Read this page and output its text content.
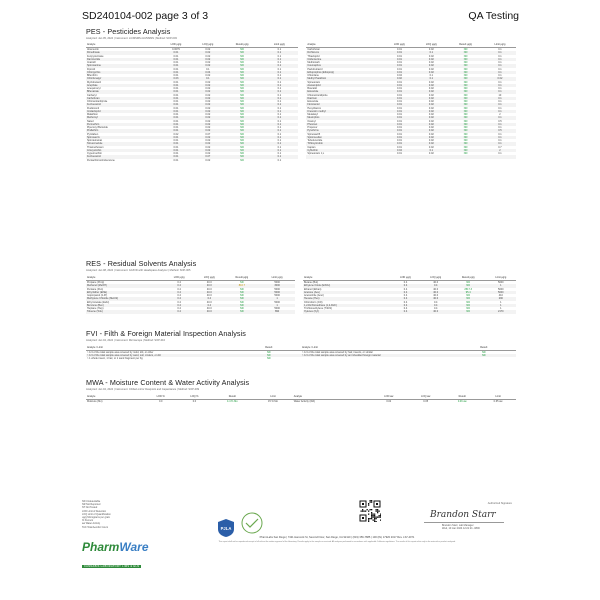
SD240104-002 page 3 of 3	QA Testing
PES - Pesticides Analysis
Analyzed: Jan 05, 2024 | Instrument: LC/MSMS-GC/MSMS | Method: SOP-003
Analyte	LOD µg/g	LOQ µg/g	Result µg/g	Limit µg/g	Analyte	LOD µg/g	LOQ µg/g	Result µg/g	Limit µg/g
Abamectin	0.0079	0.02	ND	0.1	Carbofuran	0.01	0.02	ND	0.1
Dimethoate	0.01	0.02	ND	0.1	Dichlorvos	0.01	0.1	ND	0.1
Fenpyroximate	0.01	0.02	ND	0.1	Thiacloprid	0.01	0.02	ND	0.1
Daminozide	0.01	0.02	ND	0.1	Clofentezine	0.01	0.02	ND	0.1
Imazalil	0.01	0.02	ND	0.1	Methiocarb	0.01	0.02	ND	0.1
Spiroxamine	0.01	0.02	ND	0.1	Coumaphos	0.01	0.02	ND	0.1
Fipronil	0.01	0.1	ND	0.1	Paclobutrazol	0.01	0.02	ND	0.1
Chlorpyrifos	0.01	0.04	ND	0.1	Ethoprophos (Ethoprop)	0.01	0.02	ND	0.1
Bifenthrin	0.01	0.02	ND	0.1	Chlordane	0.04	0.1	ND	0.1
Chlorfenapyr	0.03	0.1	ND	0.1	Methyl Parathion	0.02	0.1	ND	0.02
Myclobutanil	0.01	0.02	ND	0.1	Spinetoram	0.01	0.02	ND	0.1
Acephate	0.01	0.02	ND	0.1	Acetamiprid	0.01	0.02	ND	0.1
Acequinocyl	0.01	0.02	ND	0.1	Boscalid	0.01	0.02	ND	0.1
Bifenazate	0.01	0.02	ND	0.1	Etoxazole	0.01	0.02	ND	0.1
Carbaryl	0.01	0.02	ND	0.1	Chlorantraniliprole	0.01	0.02	ND	10
Carbofuran	0.01	0.02	ND	0.1	Diazinon	0.01	0.02	ND	0.1
Chlorantraniliprole	0.01	0.02	ND	0.1	Etoxazole	0.01	0.02	ND	0.1
Fenhexamid	0.01	0.02	ND	0.1	Flonicamid	0.01	0.02	ND	0.1
Fludioxonil	0.01	0.02	ND	0.1	Hexythiazox	0.01	0.02	ND	0.1
Imidacloprid	0.01	0.02	ND	0.1	Kresoxim methyl	0.01	0.02	ND	0.1
Malathion	0.01	0.02	ND	0.1	Metalaxyl	0.01	0.02	ND	2
Methomyl	0.01	0.02	ND	0.1	Mevinphos	0.01	0.02	ND	0.1
Naled	0.01	0.02	ND	0.1	Oxamyl	0.01	0.02	ND	0.5
Permethrin	0.01	0.02	ND	0.1	Phosmet	0.01	0.02	ND	0.1
Piperonyl Butoxide	0.01	0.02	ND	0.1	Propoxur	0.01	0.02	ND	0.1
Prallethrin	0.01	0.02	ND	0.1	Pyrethrins	0.01	0.02	ND	0.5
Pyridaben	0.02	0.07	ND	0.1	Spinosad B	0.01	0.02	ND	0.1
Spinosad A	0.01	0.02	ND	0.1	Spiromesifen	0.01	0.02	ND	0.1
Spirotetramat	0.01	0.02	ND	0.1	Tebufenozide	0.01	0.02	ND	0.1
Tebuconazole	0.01	0.02	ND	0.1	Trifloxystrobin	0.01	0.02	ND	0.1
Thiamethoxam	0.01	0.02	ND	0.1	Captan	0.01	0.02	ND	0.7
Azoxystrobin	0.01	0.02	ND	0.1	Cyfluthrin	0.04	0.1	ND	2
Cypermethrin	0.01	0.02	ND	0.1	Spinetoram J,L	0.01	0.02	ND	0.1
Fenhexamid	0.01	0.07	ND	0.1					
Pentachloronitrobenzene	0.01	0.02	ND	0.1					
RES - Residual Solvents Analysis
Analyzed: Jan 08, 2024 | Instrument: GC/FID with Headspace Analyzer | Method: SOP-005
Analyte	LOD µg/g	LOQ µg/g	Result µg/g	Limit µg/g	Analyte	LOD µg/g	LOQ µg/g	Result µg/g	Limit µg/g
Propane (Prop)	0.4	40.0	ND	5000	Butane (But)	0.4	40.0	ND	5000
Methanol (MeOH)	0.4	40.0	816.7	3000	Ethylene Oxide (EthOx)	0.4	0.4	ND	1
Pentane (Pen)	0.4	40.0	ND	5000	Ethanol (Ethan)	0.4	40.0	2517.3	5000
Ethyl Ether (EthE)	0.4	40.0	ND	5000	Acetone (Ace)	0.4	40.0	95.4	5000
Isopropanol (2-Pr)	0.4	40.0	ND	5000	Acetonitrile (Acet)	0.4	40.0	ND	410
Methylene Chloride (MeCl2)	0.4	0.4	ND	1	Hexane (Hex)	0.4	40.0	ND	290
Ethyl Acetate (EtAc)	0.4	40.0	ND	5000	Chloroform (Chl)	0.4	0.4	ND	1
Benzene (Ben)	0.4	0.4	ND	1	1,2-Dichloroethane (1,2-Dich)	0.4	0.4	ND	1
Heptane (Hep)	0.4	40.0	ND	5000	Trichloroethylene (TriChl)	0.4	0.4	ND	1
Toluene (Tolu)	0.4	40.0	ND	890	Xylenes (Xyl)	0.4	40.0	ND	2170
FVI - Filth & Foreign Material Inspection Analysis
Analyzed: Jan 04, 2024 | Instrument: Microscope | Method: SOP-010
Analyte / Limit	Result	Analyte / Limit	Result
> 1/4 of the total sample area covered by mold, dirt, or other	ND	> 1/4 of the total sample area covered by hair, insects, or similar	ND
> 1/4 of the total sample area covered by sand, soil, cinders, or dirt	ND	> 1/4 of the total sample area covered by an imbedded foreign material	ND
> 1 whole insect, 1 hair, or 1 sand fragment per 3g	ND		
MWA - Moisture Content & Water Activity Analysis
Analyzed: Jan 04, 2024 | Instrument: Chilled-mirror Dewpoint and Capacitance | Method: SOP-009
Analyte	LOD %	LOQ %	Result	Limit	Analyte	LOD aw	LOQ aw	Result	Limit
Moisture (Mo)	0.0	0.0	4.4 % Mo	15 % Mo	Water Activity (WA)	0.02	0.05	0.46 aw	0.65 aw
ND Undetectable
NR Not Reported
NT Not Tested
LOD Limit of Detection
LOQ Limit of Quantification
ug/g Micrograms per gram
% Percent
aw Water Activity
TAC Total Aerobic Count
PharmWare
CANNABIS LABORATORY LIMS & ELN
PJLA
Authorized Signature
Brandon Starr
Brandon Starr, Lab Manager
Wed, 10 Jan 2024 12:21:21 -0800
PharmLabs San Diego | 7421 Hancock St, Second Floor, San Diego, CA 92110 | (619) 356-7885 | 100 (8L) 17920 2017 Rev. LS7-4071
This report shall not be reproduced except in full without the written approval of the laboratory. Results apply to the sample as received. All analyses performed in accordance with applicable California regulations. The results of this report relate only to the material or product analyzed.
